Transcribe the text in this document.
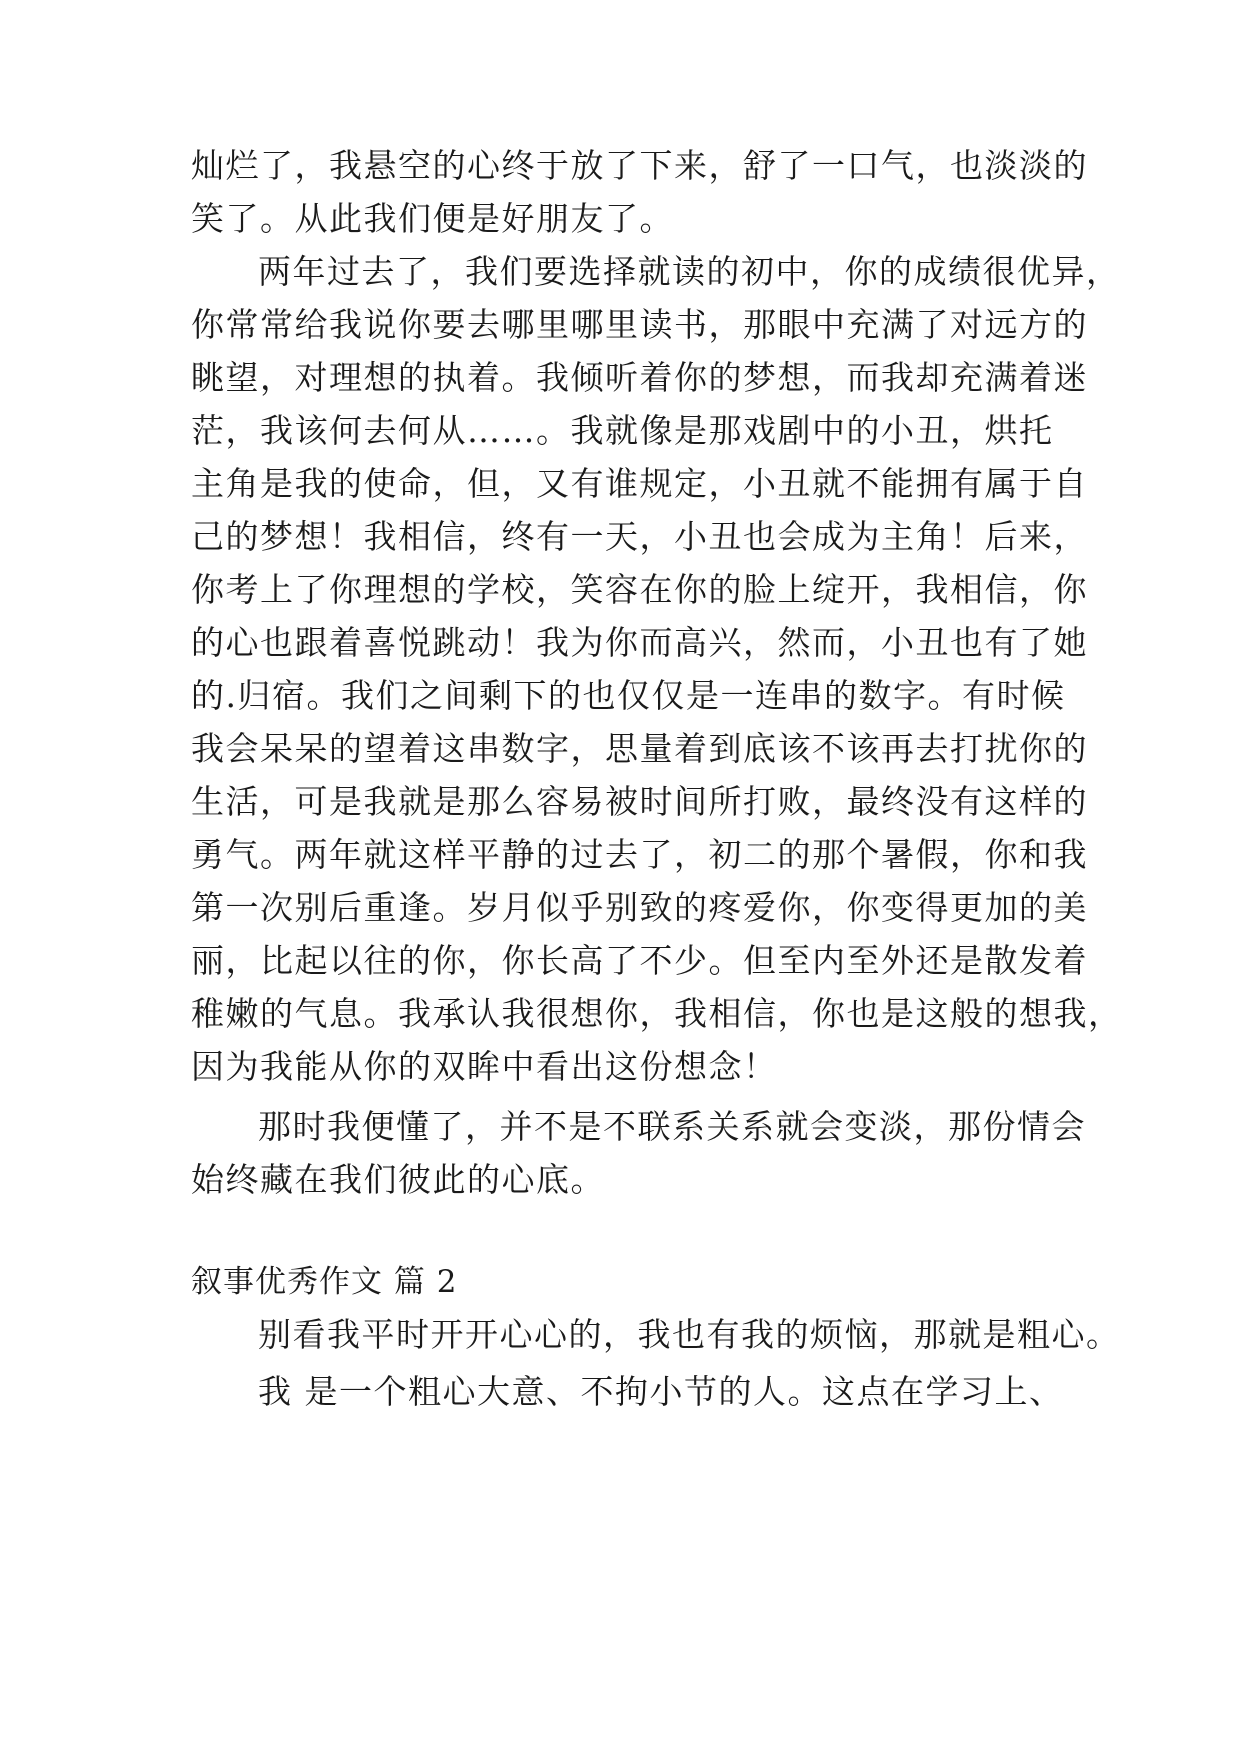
灿烂了，我悬空的心终于放了下来，舒了一口气，也淡淡的
笑了。从此我们便是好朋友了。
两年过去了，我们要选择就读的初中，你的成绩很优异，
你常常给我说你要去哪里哪里读书，那眼中充满了对远方的
眺望，对理想的执着。我倾听着你的梦想，而我却充满着迷
茫，我该何去何从……。我就像是那戏剧中的小丑，烘托
主角是我的使命，但，又有谁规定，小丑就不能拥有属于自
己的梦想！我相信，终有一天，小丑也会成为主角！后来，
你考上了你理想的学校，笑容在你的脸上绽开，我相信，你
的心也跟着喜悦跳动！我为你而高兴，然而，小丑也有了她
的.归宿。我们之间剩下的也仅仅是一连串的数字。有时候
我会呆呆的望着这串数字，思量着到底该不该再去打扰你的
生活，可是我就是那么容易被时间所打败，最终没有这样的
勇气。两年就这样平静的过去了，初二的那个暑假，你和我
第一次别后重逢。岁月似乎别致的疼爱你，你变得更加的美
丽，比起以往的你，你长高了不少。但至内至外还是散发着
稚嫩的气息。我承认我很想你，我相信，你也是这般的想我，
因为我能从你的双眸中看出这份想念！
那时我便懂了，并不是不联系关系就会变淡，那份情会
始终藏在我们彼此的心底。
叙事优秀作文 篇 2
别看我平时开开心心的，我也有我的烦恼，那就是粗心。
我 是一个粗心大意、不拘小节的人。这点在学习上、
